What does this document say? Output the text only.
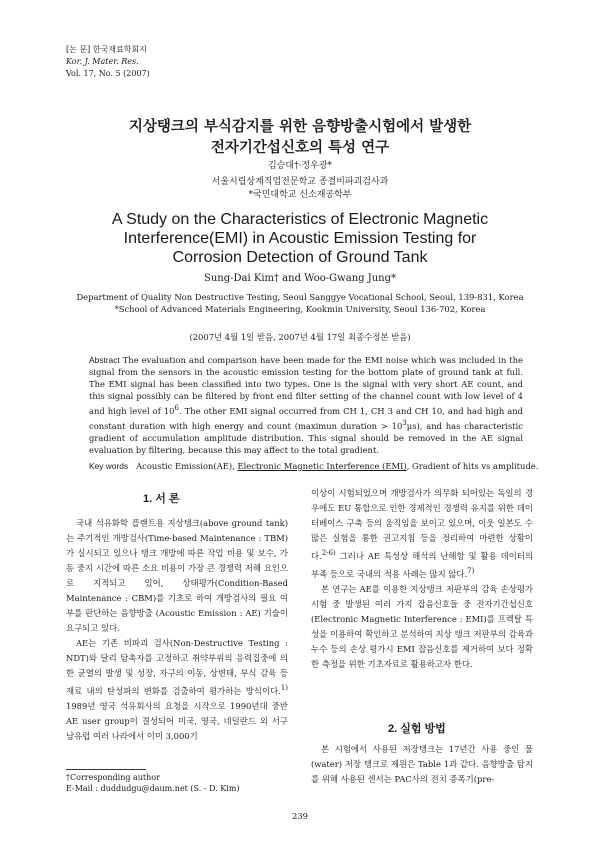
[논 문] 한국재료학회지
Kor. J. Mater. Res.
Vol. 17, No. 5 (2007)
지상탱크의 부식감지를 위한 음향방출시험에서 발생한
전자기간섭신호의 특성 연구
김승대†·정우광*
서울시립상계직업전문학교 종결비파괴검사과
*국민대학교 신소재공학부
A Study on the Characteristics of Electronic Magnetic
Interference(EMI) in Acoustic Emission Testing for
Corrosion Detection of Ground Tank
Sung-Dai Kim† and Woo-Gwang Jung*
Department of Quality Non Destructive Testing, Seoul Sanggye Vocational School, Seoul, 139-831, Korea
*School of Advanced Materials Engineering, Kookmin University, Seoul 136-702, Korea
(2007년 4월 1일 받음, 2007년 4월 17일 최종수정본 받음)
Abstract The evaluation and comparison have been made for the EMI noise which was included in the signal from the sensors in the acoustic emission testing for the bottom plate of ground tank at full. The EMI signal has been classified into two types. One is the signal with very short AE count, and this signal possibly can be filtered by front end filter setting of the channel count with low level of 4 and high level of $10^6$. The other EMI signal occurred from CH 1, CH 3 and CH 10, and had high and constant duration with high energy and count (maximun duration > $10^3\mu s$), and has characteristic gradient of accumulation amplitude distribution. This signal should be removed in the AE signal evaluation by filtering, because this may affect to the total gradient.
Key words Acoustic Emission(AE), Electronic Magnetic Interference (EMI), Gradient of hits vs amplitude.
1. 서 론

국내 석유화학 플랜트용 지상탱크(above ground tank)는 주기적인 개방검사(Time-based Maintenance : TBM)가 실시되고 있으나 탱크 개방에 따른 작업 비용 및 보수, 가동 중지 시간에 따른 소요 비용이 가장 큰 경쟁력 저해 요인으로 지적되고 있어, 상태평가(Condition-Based Maintenance : CBM)를 기초로 하여 개방검사의 필요 여부를 판단하는 음향방출 (Acoustic Emission : AE) 기술이 요구되고 있다.

AE는 기존 비파괴 검사(Non-Destructive Testing : NDT)와 달리 탐촉자를 고정하고 취약부위의 응력집중에 의한 균열의 발생 및 성장, 자구의 이동, 상변태, 부식 감육 등 재료 내의 탄성파의 변화를 검출하여 평가하는 방식이다.$^{1)}$ 1989년 영국 석유회사의 요청을 시작으로 1990년대 중반 AE user group이 결성되어 미국, 영국, 네덜란드 외 서구 남유럽 여러 나라에서 이미 3,000기

이상이 시험되었으며 개방검사가 의무화 되어있는 독일의 경우에도 EU 통합으로 인한 경제적인 경쟁력 유지를 위한 데이터베이스 구축 등의 움직임을 보이고 있으며, 이웃 일본도 수많은 실험을 통한 권고지침 등을 정리하여 마련한 상황이다.$^{2-6)}$ 그러나 AE 특성상 해석의 난해함 및 활용 데이터의 부족 등으로 국내의 적용 사례는 많지 않다.$^{7)}$

본 연구는 AE를 이용한 지상탱크 저판부의 감육 손상평가 시험 중 발생된 여러 가지 잡음신호들 중 전자기간섭신호(Electronic Magnetic Interference : EMI)를 프렉탈 특성을 이용하여 확인하고 분석하여 지상 탱크 저판부의 감육과 누수 등의 손상 평가시 EMI 잡음신호를 제거하여 보다 정확한 측정을 위한 기초자료로 활용하고자 한다.

2. 실험 방법

본 시험에서 사용된 저장탱크는 17년간 사용 중인 물(water) 저장 탱크로 제원은 Table 1과 같다. 음향방출 탐지를 위해 사용된 센서는 PAC사의 전치 증폭기(pre-

†Corresponding author
E-Mail : duddudgu@daum.net (S. - D. Kim)
239
